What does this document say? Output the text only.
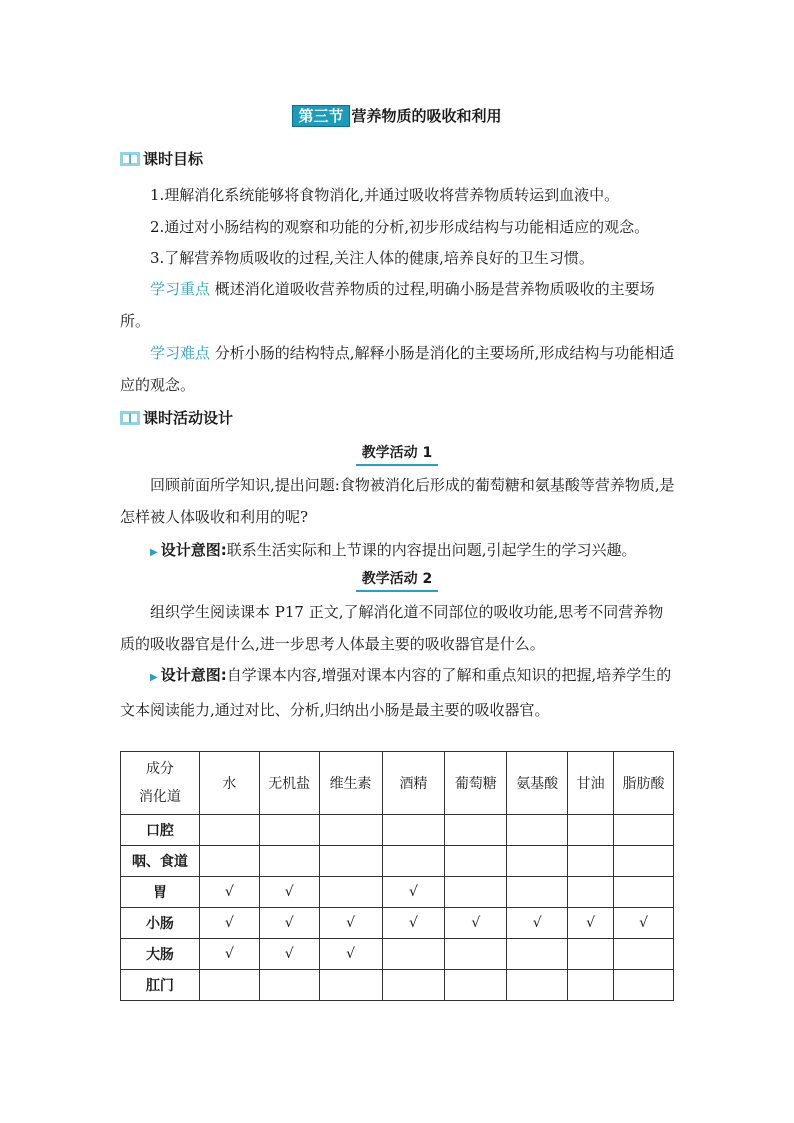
第三节 营养物质的吸收和利用
课时目标
1.理解消化系统能够将食物消化,并通过吸收将营养物质转运到血液中。
2.通过对小肠结构的观察和功能的分析,初步形成结构与功能相适应的观念。
3.了解营养物质吸收的过程,关注人体的健康,培养良好的卫生习惯。
学习重点 概述消化道吸收营养物质的过程,明确小肠是营养物质吸收的主要场所。
学习难点 分析小肠的结构特点,解释小肠是消化的主要场所,形成结构与功能相适应的观念。
课时活动设计
教学活动 1
回顾前面所学知识,提出问题:食物被消化后形成的葡萄糖和氨基酸等营养物质,是怎样被人体吸收和利用的呢?
▶ 设计意图:联系生活实际和上节课的内容提出问题,引起学生的学习兴趣。
教学活动 2
组织学生阅读课本 P17 正文,了解消化道不同部位的吸收功能,思考不同营养物质的吸收器官是什么,进一步思考人体最主要的吸收器官是什么。
▶ 设计意图:自学课本内容,增强对课本内容的了解和重点知识的把握,培养学生的文本阅读能力,通过对比、分析,归纳出小肠是最主要的吸收器官。
成分
消化道	水	无机盐	维生素	酒精	葡萄糖	氨基酸	甘油	脂肪酸
口腔								
咽、食道								
胃	√	√		√				
小肠	√	√	√	√	√	√	√	√
大肠	√	√	√					
肛门								
